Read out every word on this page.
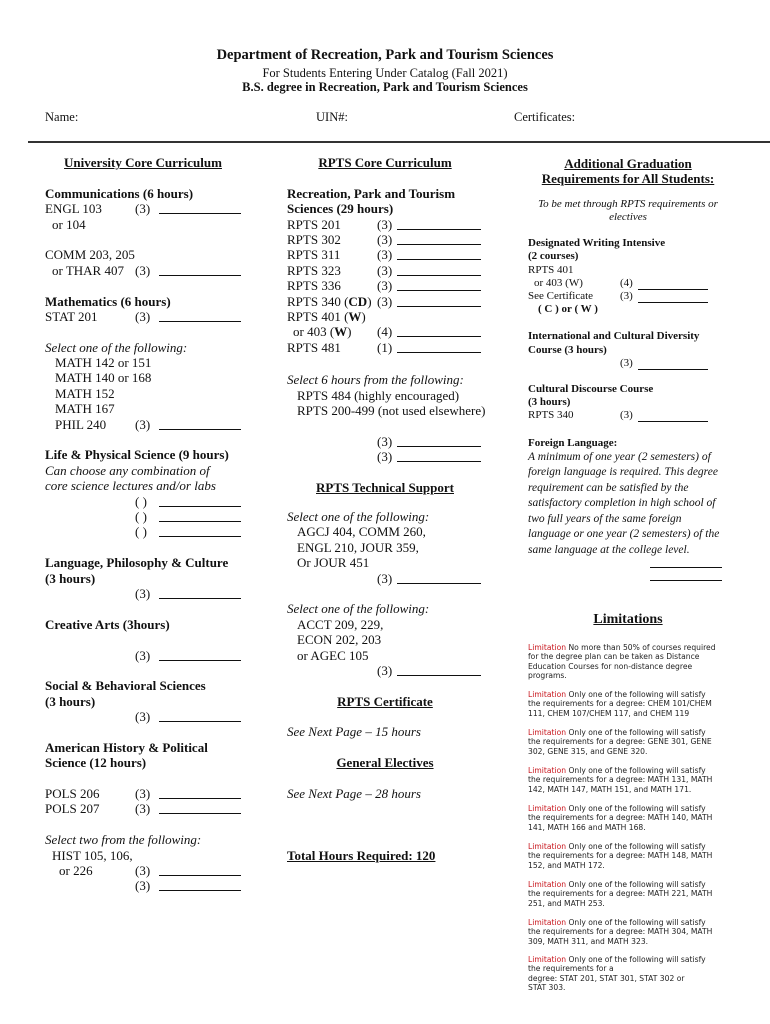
Department of Recreation, Park and Tourism Sciences
For Students Entering Under Catalog (Fall 2021)
B.S. degree in Recreation, Park and Tourism Sciences
Name:	UIN#:	Certificates:
University Core Curriculum
Communications (6 hours)
ENGL 103	(3)
or 104
COMM 203, 205
or THAR 407 (3)
Mathematics (6 hours)
STAT 201	(3)
Select one of the following:
MATH 142 or 151
MATH 140 or 168
MATH 152
MATH 167
PHIL 240 (3)
Life & Physical Science (9 hours)
Can choose any combination of
core science lectures and/or labs
( )
( )
( )
Language, Philosophy & Culture
(3 hours)
(3)
Creative Arts (3hours)
(3)
Social & Behavioral Sciences
(3 hours)
(3)
American History & Political
Science (12 hours)
POLS 206	(3)
POLS 207	(3)
Select two from the following:
HIST 105, 106,
or 226	(3)
(3)
RPTS Core Curriculum
Recreation, Park and Tourism
Sciences (29 hours)
RPTS 201	(3)
RPTS 302	(3)
RPTS 311	(3)
RPTS 323	(3)
RPTS 336	(3)
RPTS 340 (CD) (3)
RPTS 401 (W)
or 403 (W) (4)
RPTS 481	(1)
Select 6 hours from the following:
RPTS 484 (highly encouraged)
RPTS 200-499 (not used elsewhere)
(3)
(3)
RPTS Technical Support
Select one of the following:
AGCJ 404, COMM 260,
ENGL 210, JOUR 359,
Or JOUR 451
(3)
Select one of the following:
ACCT 209, 229,
ECON 202, 203
or AGEC 105
(3)
RPTS Certificate
See Next Page – 15 hours
General Electives
See Next Page – 28 hours
Total Hours Required: 120
Additional Graduation
Requirements for All Students:
To be met through RPTS requirements or
electives
Designated Writing Intensive
(2 courses)
RPTS 401
or 403 (W)	(4)
See Certificate (3)
( C ) or ( W )
International and Cultural Diversity
Course (3 hours)
(3)
Cultural Discourse Course
(3 hours)
RPTS 340	(3)
Foreign Language:
A minimum of one year (2 semesters) of
foreign language is required. This degree
requirement can be satisfied by the
satisfactory completion in high school of
two full years of the same foreign
language or one year (2 semesters) of the
same language at the college level.
Limitations
Limitation No more than 50% of courses required
for the degree plan can be taken as Distance
Education Courses for non-distance degree
programs.
Limitation Only one of the following will satisfy
the requirements for a degree: CHEM 101/CHEM
111, CHEM 107/CHEM 117, and CHEM 119
Limitation Only one of the following will satisfy
the requirements for a degree: GENE 301, GENE
302, GENE 315, and GENE 320.
Limitation Only one of the following will satisfy
the requirements for a degree: MATH 131, MATH
142, MATH 147, MATH 151, and MATH 171.
Limitation Only one of the following will satisfy
the requirements for a degree: MATH 140, MATH
141, MATH 166 and MATH 168.
Limitation Only one of the following will satisfy
the requirements for a degree: MATH 148, MATH
152, and MATH 172.
Limitation Only one of the following will satisfy
the requirements for a degree: MATH 221, MATH
251, and MATH 253.
Limitation Only one of the following will satisfy
the requirements for a degree: MATH 304, MATH
309, MATH 311, and MATH 323.
Limitation Only one of the following will satisfy
the requirements for a
degree: STAT 201, STAT 301, STAT 302 or
STAT 303.
